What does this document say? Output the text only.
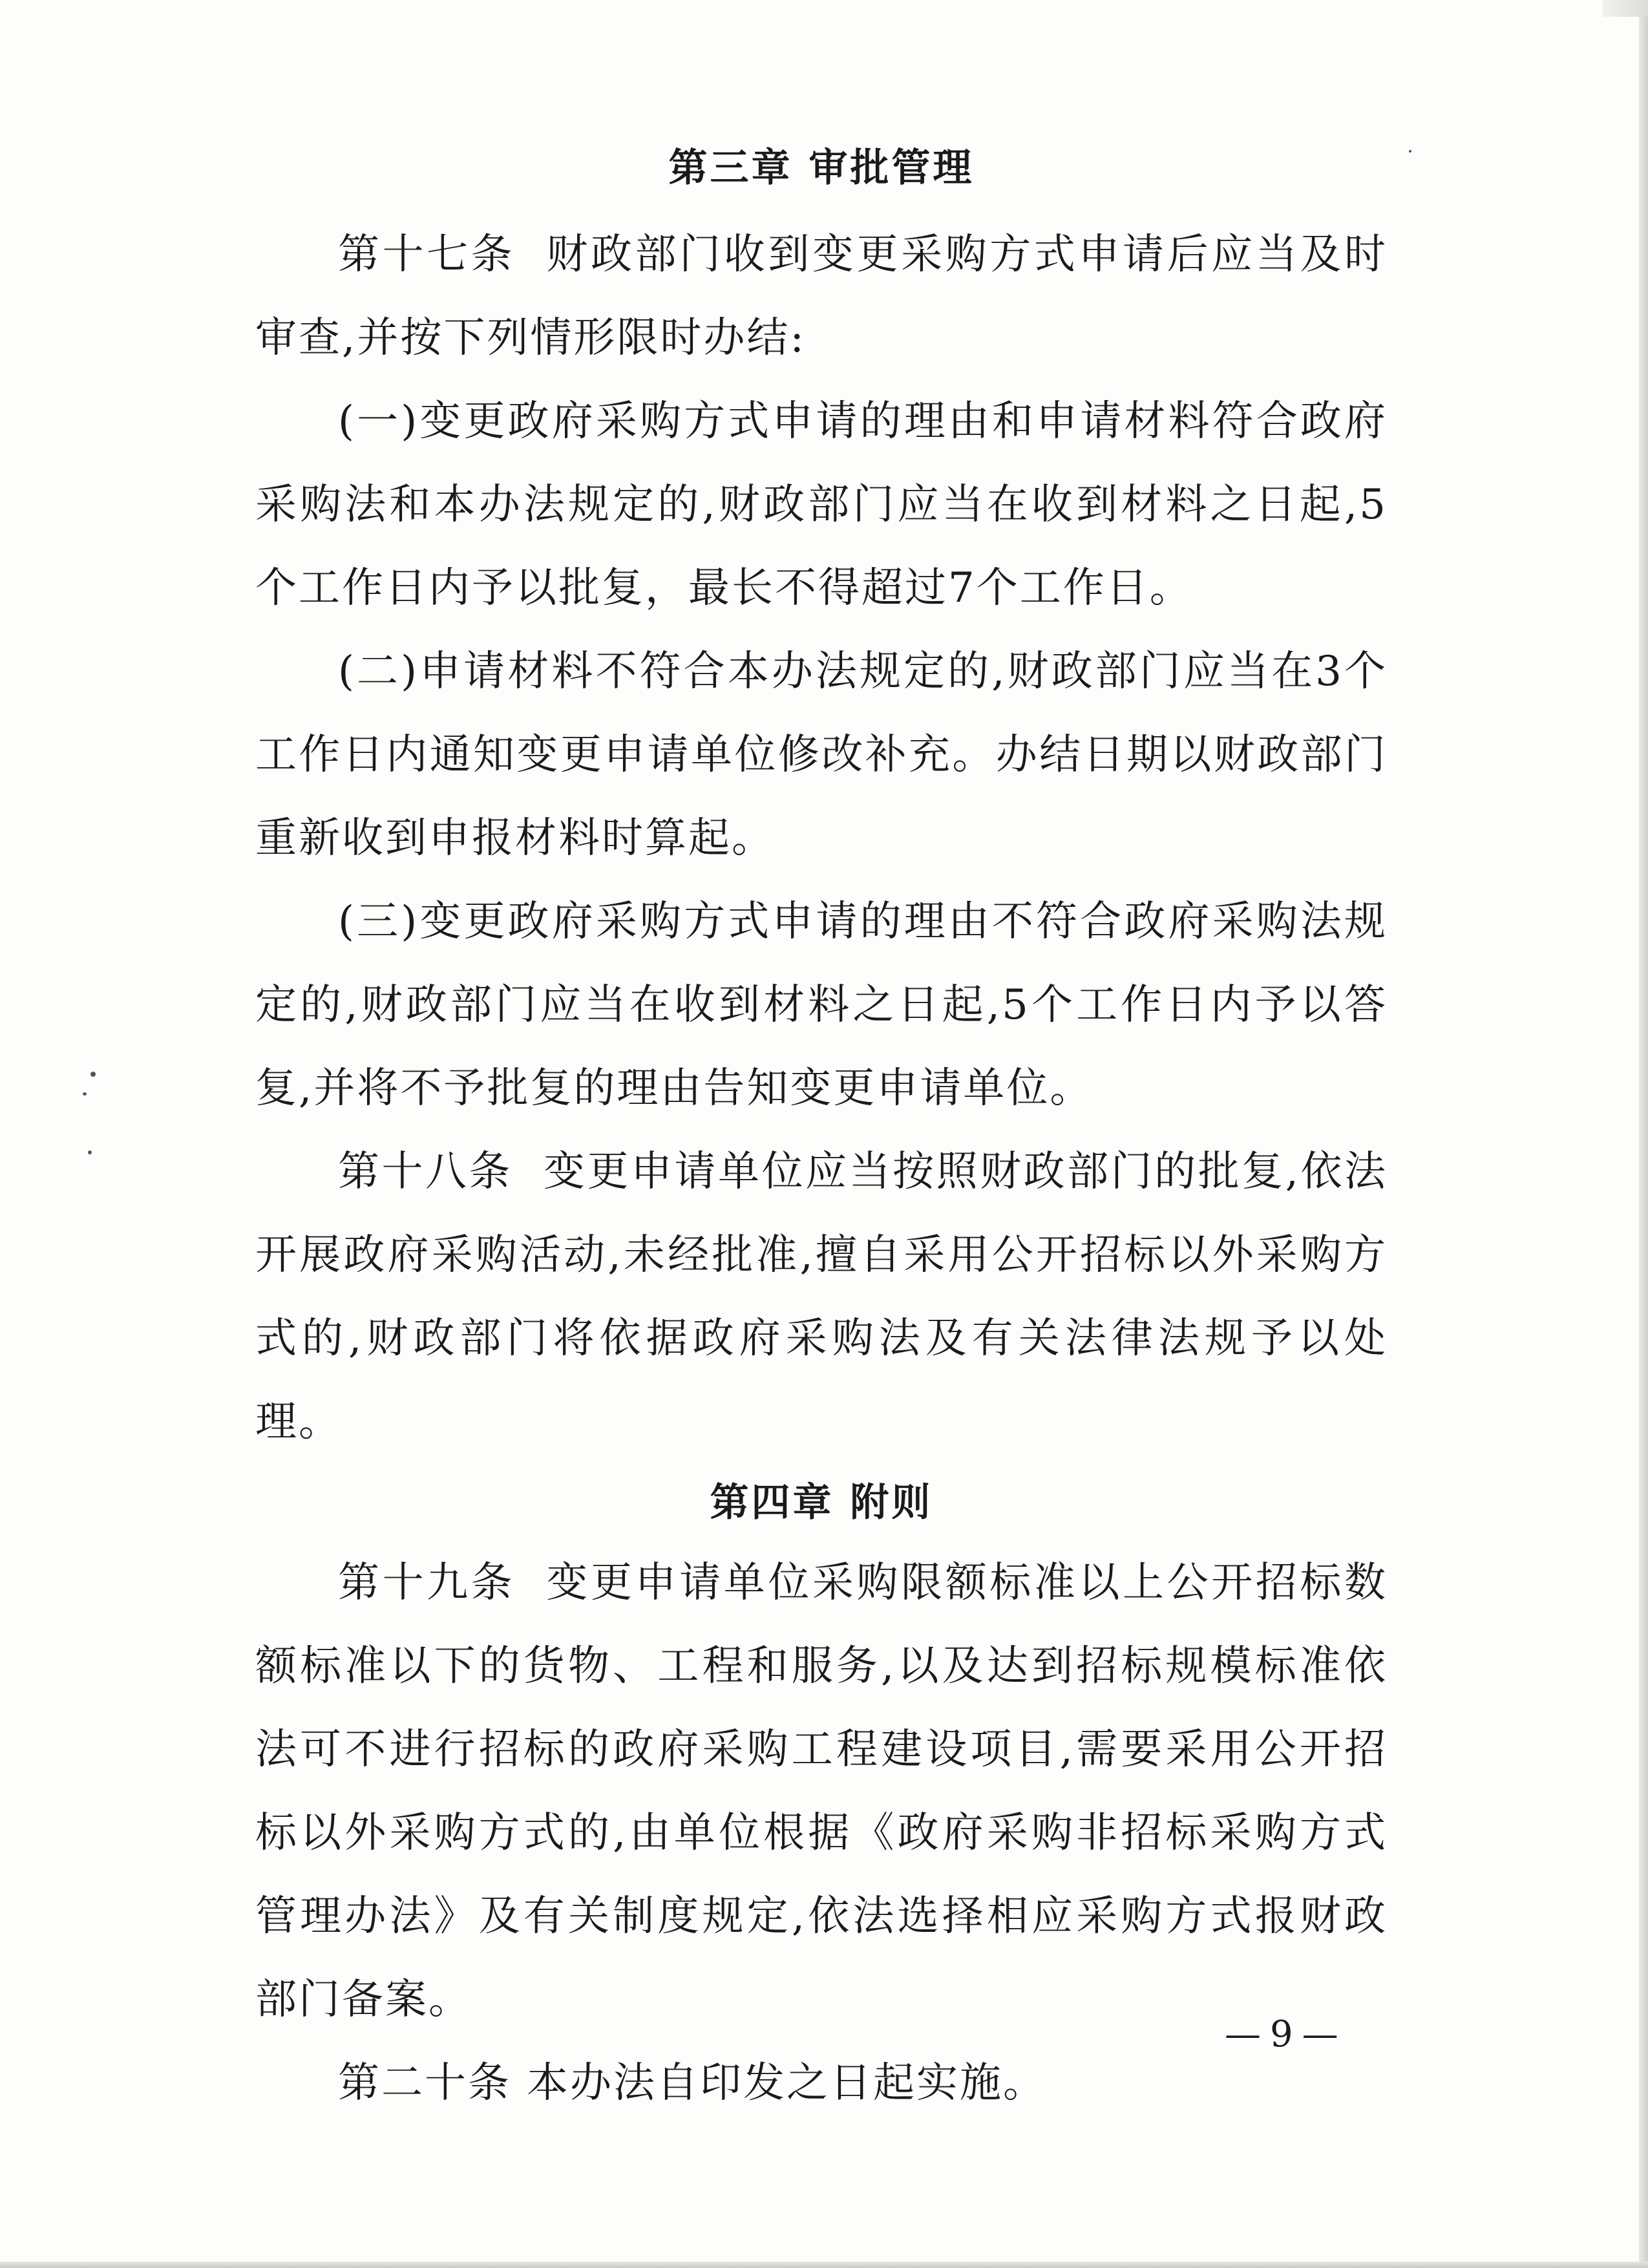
第三章 审批管理

第十七条 财政部门收到变更采购方式申请后应当及时审查,并按下列情形限时办结:

(一)变更政府采购方式申请的理由和申请材料符合政府采购法和本办法规定的,财政部门应当在收到材料之日起,5个工作日内予以批复，最长不得超过7个工作日。

(二)申请材料不符合本办法规定的,财政部门应当在3个工作日内通知变更申请单位修改补充。办结日期以财政部门重新收到申报材料时算起。

(三)变更政府采购方式申请的理由不符合政府采购法规定的,财政部门应当在收到材料之日起,5个工作日内予以答复,并将不予批复的理由告知变更申请单位。

第十八条 变更申请单位应当按照财政部门的批复,依法开展政府采购活动,未经批准,擅自采用公开招标以外采购方式的,财政部门将依据政府采购法及有关法律法规予以处理。

第四章 附则

第十九条 变更申请单位采购限额标准以上公开招标数额标准以下的货物、工程和服务,以及达到招标规模标准依法可不进行招标的政府采购工程建设项目,需要采用公开招标以外采购方式的,由单位根据《政府采购非招标采购方式管理办法》及有关制度规定,依法选择相应采购方式报财政部门备案。

第二十条 本办法自印发之日起实施。

—9—
